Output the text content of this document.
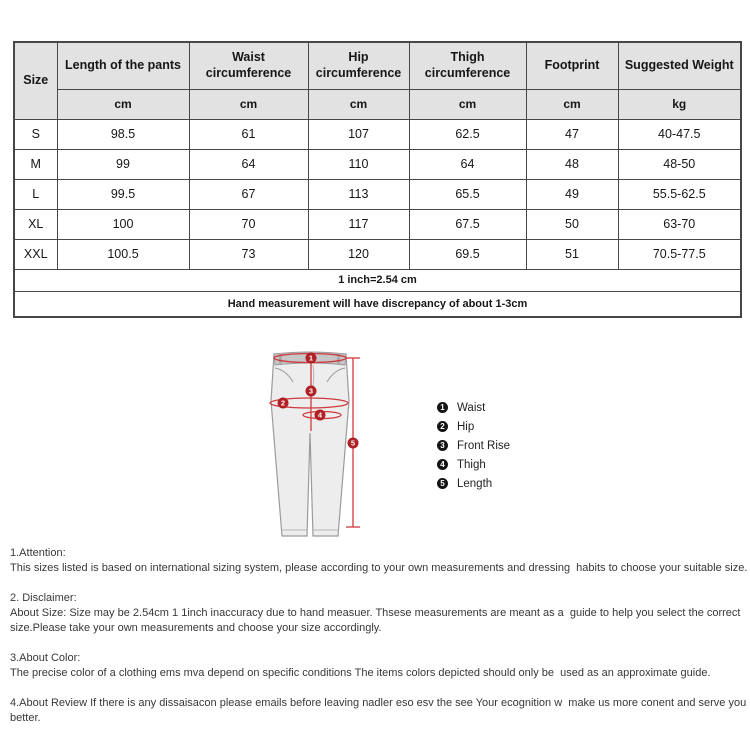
Size	Length of the pants	Waist circumference	Hip circumference	Thigh circumference	Footprint	Suggested Weight
	cm	cm	cm	cm	cm	kg
S	98.5	61	107	62.5	47	40-47.5
M	99	64	110	64	48	48-50
L	99.5	67	113	65.5	49	55.5-62.5
XL	100	70	117	67.5	50	63-70
XXL	100.5	73	120	69.5	51	70.5-77.5
1 inch=2.54 cm						
Hand measurement will have discrepancy of about 1-3cm						
1
2
3
4
5
1 Waist
2 Hip
3 Front Rise
4 Thigh
5 Length
1.Attention:
This sizes listed is based on international sizing system, please according to your own measurements and dressing  habits to choose your suitable size.
2. Disclaimer:
About Size: Size may be 2.54cm 1 1inch inaccuracy due to hand measuer. Thsese measurements are meant as a  guide to help you select the correct size.Please take your own measurements and choose your size accordingly.
3.About Color:
The precise color of a clothing ems mva depend on specific conditions The items colors depicted should only be  used as an approximate guide.
4.About Review If there is any dissaisacon please emails before leaving nadler eso esv the see Your ecognition w  make us more conent and serve you better.
